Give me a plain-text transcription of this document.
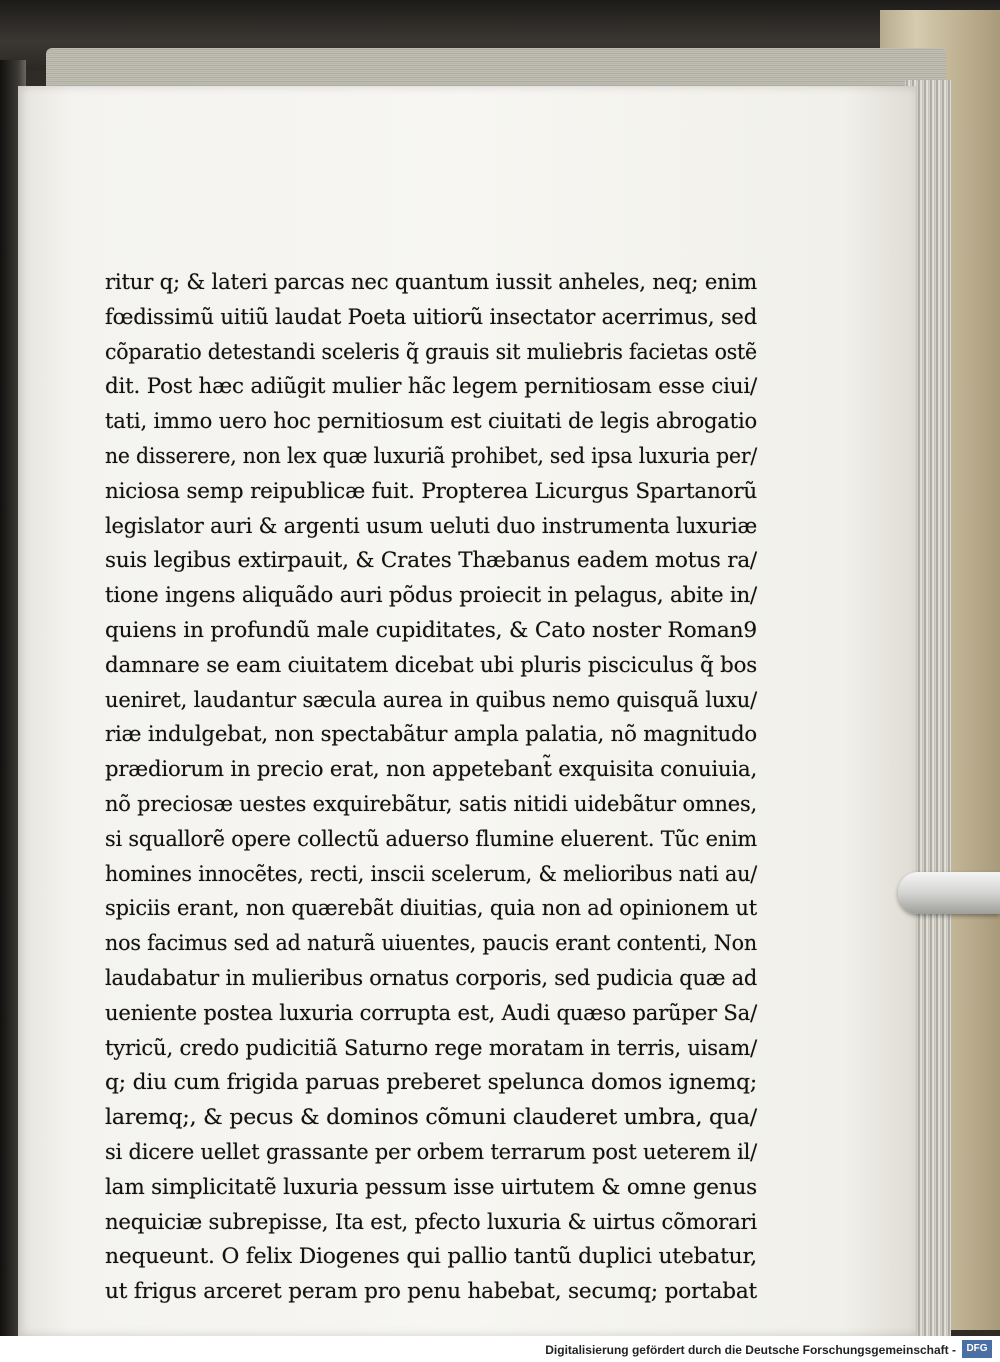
ritur q; & lateri parcas nec quantum iussit anheles, neq; enim
fœdissimũ uitiũ laudat Poeta uitiorũ insectator acerrimus, sed
cõparatio detestandi sceleris q̃ grauis sit muliebris facietas ostẽ
dit. Post hæc adiũgit mulier hãc legem pernitiosam esse ciui/
tati, immo uero hoc pernitiosum est ciuitati de legis abrogatio
ne disserere, non lex quæ luxuriã prohibet, sed ipsa luxuria per/
niciosa semp reipublicæ fuit. Propterea Licurgus Spartanorũ
legislator auri & argenti usum ueluti duo instrumenta luxuriæ
suis legibus extirpauit, & Crates Thæbanus eadem motus ra/
tione ingens aliquãdo auri põdus proiecit in pelagus, abite in/
quiens in profundũ male cupiditates, & Cato noster Roman9
damnare se eam ciuitatem dicebat ubi pluris pisciculus q̃ bos
ueniret, laudantur sæcula aurea in quibus nemo quisquã luxu/
riæ indulgebat, non spectabãtur ampla palatia, nõ magnitudo
prædiorum in precio erat, non appetebant̃ exquisita conuiuia,
nõ preciosæ uestes exquirebãtur, satis nitidi uidebãtur omnes,
si squallorẽ opere collectũ aduerso flumine eluerent. Tũc enim
homines innocẽtes, recti, inscii scelerum, & melioribus nati au/
spiciis erant, non quærebãt diuitias, quia non ad opinionem ut
nos facimus sed ad naturã uiuentes, paucis erant contenti, Non
laudabatur in mulieribus ornatus corporis, sed pudicia quæ ad
ueniente postea luxuria corrupta est, Audi quæso parũper Sa/
tyricũ, credo pudicitiã Saturno rege moratam in terris, uisam/
q; diu cum frigida paruas preberet spelunca domos ignemq;
laremq;, & pecus & dominos cõmuni clauderet umbra, qua/
si dicere uellet grassante per orbem terrarum post ueterem il/
lam simplicitatẽ luxuria pessum isse uirtutem & omne genus
nequiciæ subrepisse, Ita est, pfecto luxuria & uirtus cõmorari
nequeunt. O felix Diogenes qui pallio tantũ duplici utebatur,
ut frigus arceret peram pro penu habebat, secumq; portabat
Digitalisierung gefördert durch die Deutsche Forschungsgemeinschaft -	DFG
